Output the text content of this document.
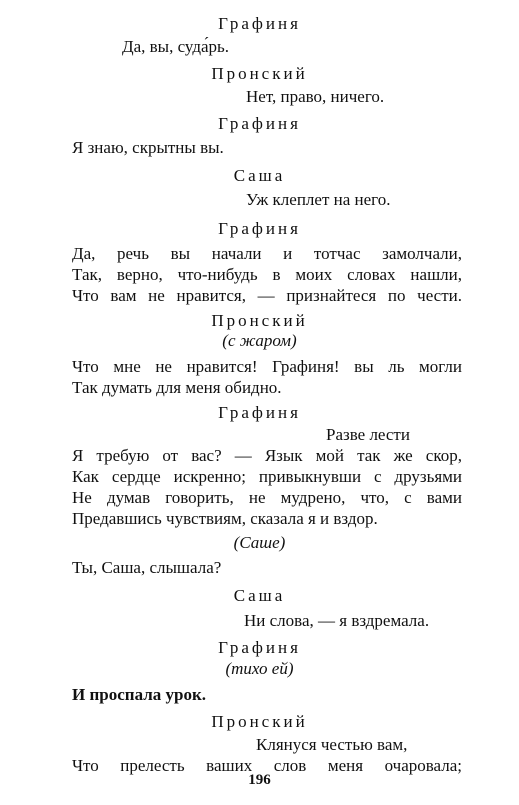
Графиня
Да, вы, суда́рь.
Пронский
Нет, право, ничего.
Графиня
Я знаю, скрытны вы.
Саша
Уж клеплет на него.
Графиня
Да, речь вы начали и тотчас замолчали,
Так, верно, что-нибудь в моих словах нашли,
Что вам не нравится, — признайтеся по чести.
Пронский
(с жаром)
Что мне не нравится! Графиня! вы ль могли
Так думать для меня обидно.
Графиня
Разве лести
Я требую от вас? — Язык мой так же скор,
Как сердце искренно; привыкнувши с друзьями
Не думав говорить, не мудрено, что, с вами
Предавшись чувствиям, сказала я и вздор.
(Саше)
Ты, Саша, слышала?
Саша
Ни слова, — я вздремала.
Графиня
(тихо ей)
И проспала урок.
Пронский
Клянуся честью вам,
Что прелесть ваших слов меня очаровала;
196
